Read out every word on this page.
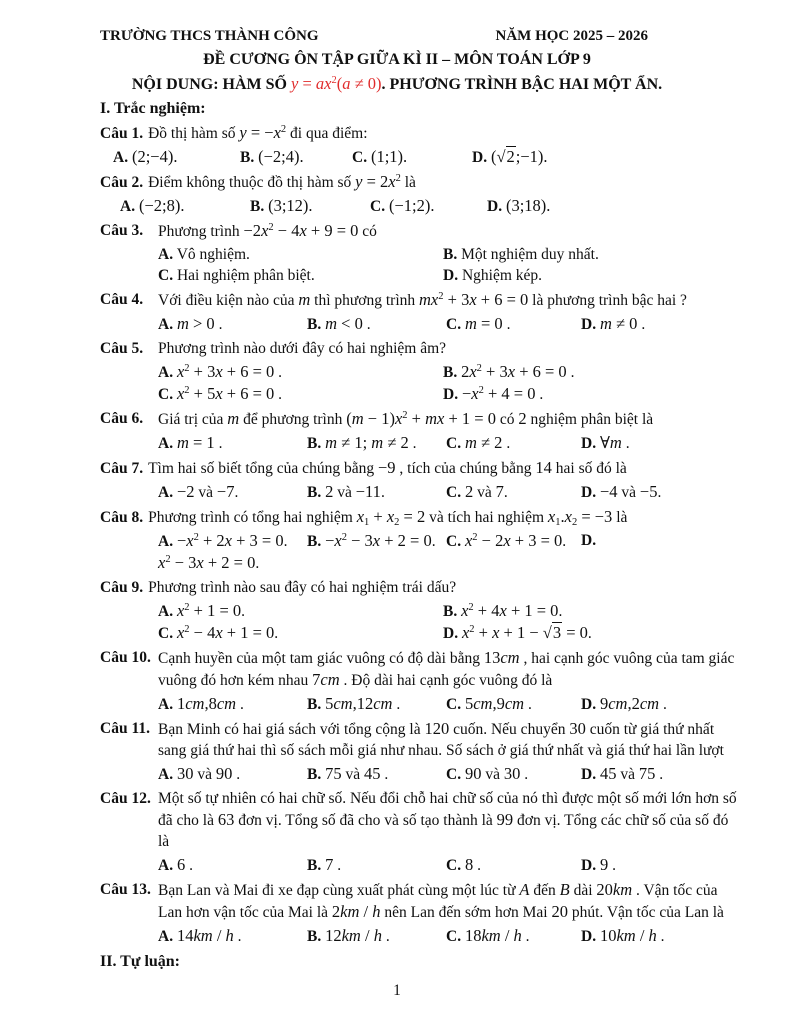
TRƯỜNG THCS THÀNH CÔNG	NĂM HỌC 2025 – 2026
ĐỀ CƯƠNG ÔN TẬP GIỮA KÌ II – MÔN TOÁN LỚP 9
NỘI DUNG: HÀM SỐ $y = ax^2(a \ne 0)$. PHƯƠNG TRÌNH BẬC HAI MỘT ẨN.
I. Trắc nghiệm:
Câu 1. Đồ thị hàm số $y = -x^2$ đi qua điểm:
A. (2;−4).	B. (−2;4).	C. (1;1).	D. (√2;−1).
Câu 2. Điểm không thuộc đồ thị hàm số $y = 2x^2$ là
A. (−2;8).	B. (3;12).	C. (−1;2).	D. (3;18).
Câu 3. Phương trình $-2x^2 - 4x + 9 = 0$ có
A. Vô nghiệm.	B. Một nghiệm duy nhất.
C. Hai nghiệm phân biệt.	D. Nghiệm kép.
Câu 4. Với điều kiện nào của m thì phương trình $mx^2 + 3x + 6 = 0$ là phương trình bậc hai ?
A. m > 0 .	B. m < 0 .	C. m = 0 .	D. m ≠ 0 .
Câu 5. Phương trình nào dưới đây có hai nghiệm âm?
A. $x^2 + 3x + 6 = 0$ .	B. $2x^2 + 3x + 6 = 0$ .
C. $x^2 + 5x + 6 = 0$ .	D. $-x^2 + 4 = 0$ .
Câu 6. Giá trị của m để phương trình $(m - 1)x^2$ + mx + 1 = 0 có 2 nghiệm phân biệt là
A. m = 1 .	B. m ≠ 1; m ≠ 2 .	C. m ≠ 2 .	D. ∀m .
Câu 7. Tìm hai số biết tổng của chúng bằng −9 , tích của chúng bằng 14 hai số đó là
A. −2 và −7.	B. 2 và −11.	C. 2 và 7.	D. −4 và −5.
Câu 8. Phương trình có tổng hai nghiệm $x_1 + x_2 = 2$ và tích hai nghiệm $x_1.x_2 = -3$ là
A. $-x^2 + 2x + 3 = 0$.	B. $-x^2 - 3x + 2 = 0$. C. $x^2 - 2x + 3 = 0$. D.
$x^2 - 3x + 2 = 0$.
Câu 9. Phương trình nào sau đây có hai nghiệm trái dấu?
A. $x^2 + 1 = 0$.	B. $x^2 + 4x + 1 = 0$.
C. $x^2 - 4x + 1 = 0$.	D. $x^2 + x + 1 - √3 = 0$.
Câu 10. Cạnh huyền của một tam giác vuông có độ dài bằng 13cm , hai cạnh góc vuông của tam giác vuông đó hơn kém nhau 7cm . Độ dài hai cạnh góc vuông đó là
A. 1cm,8cm .	B. 5cm,12cm .	C. 5cm,9cm .	D. 9cm,2cm .
Câu 11. Bạn Minh có hai giá sách với tổng cộng là 120 cuốn. Nếu chuyển 30 cuốn từ giá thứ nhất sang giá thứ hai thì số sách mỗi giá như nhau. Số sách ở giá thứ nhất và giá thứ hai lần lượt
A. 30 và 90 .	B. 75 và 45 .	C. 90 và 30 .	D. 45 và 75 .
Câu 12. Một số tự nhiên có hai chữ số. Nếu đổi chỗ hai chữ số của nó thì được một số mới lớn hơn số đã cho là 63 đơn vị. Tổng số đã cho và số tạo thành là 99 đơn vị. Tổng các chữ số của số đó là
A. 6 .	B. 7 .	C. 8 .	D. 9 .
Câu 13. Bạn Lan và Mai đi xe đạp cùng xuất phát cùng một lúc từ A đến B dài 20km . Vận tốc của Lan hơn vận tốc của Mai là 2km / h nên Lan đến sớm hơn Mai 20 phút. Vận tốc của Lan là
A. 14km / h .	B. 12km / h .	C. 18km / h .	D. 10km / h .
II. Tự luận:
1
